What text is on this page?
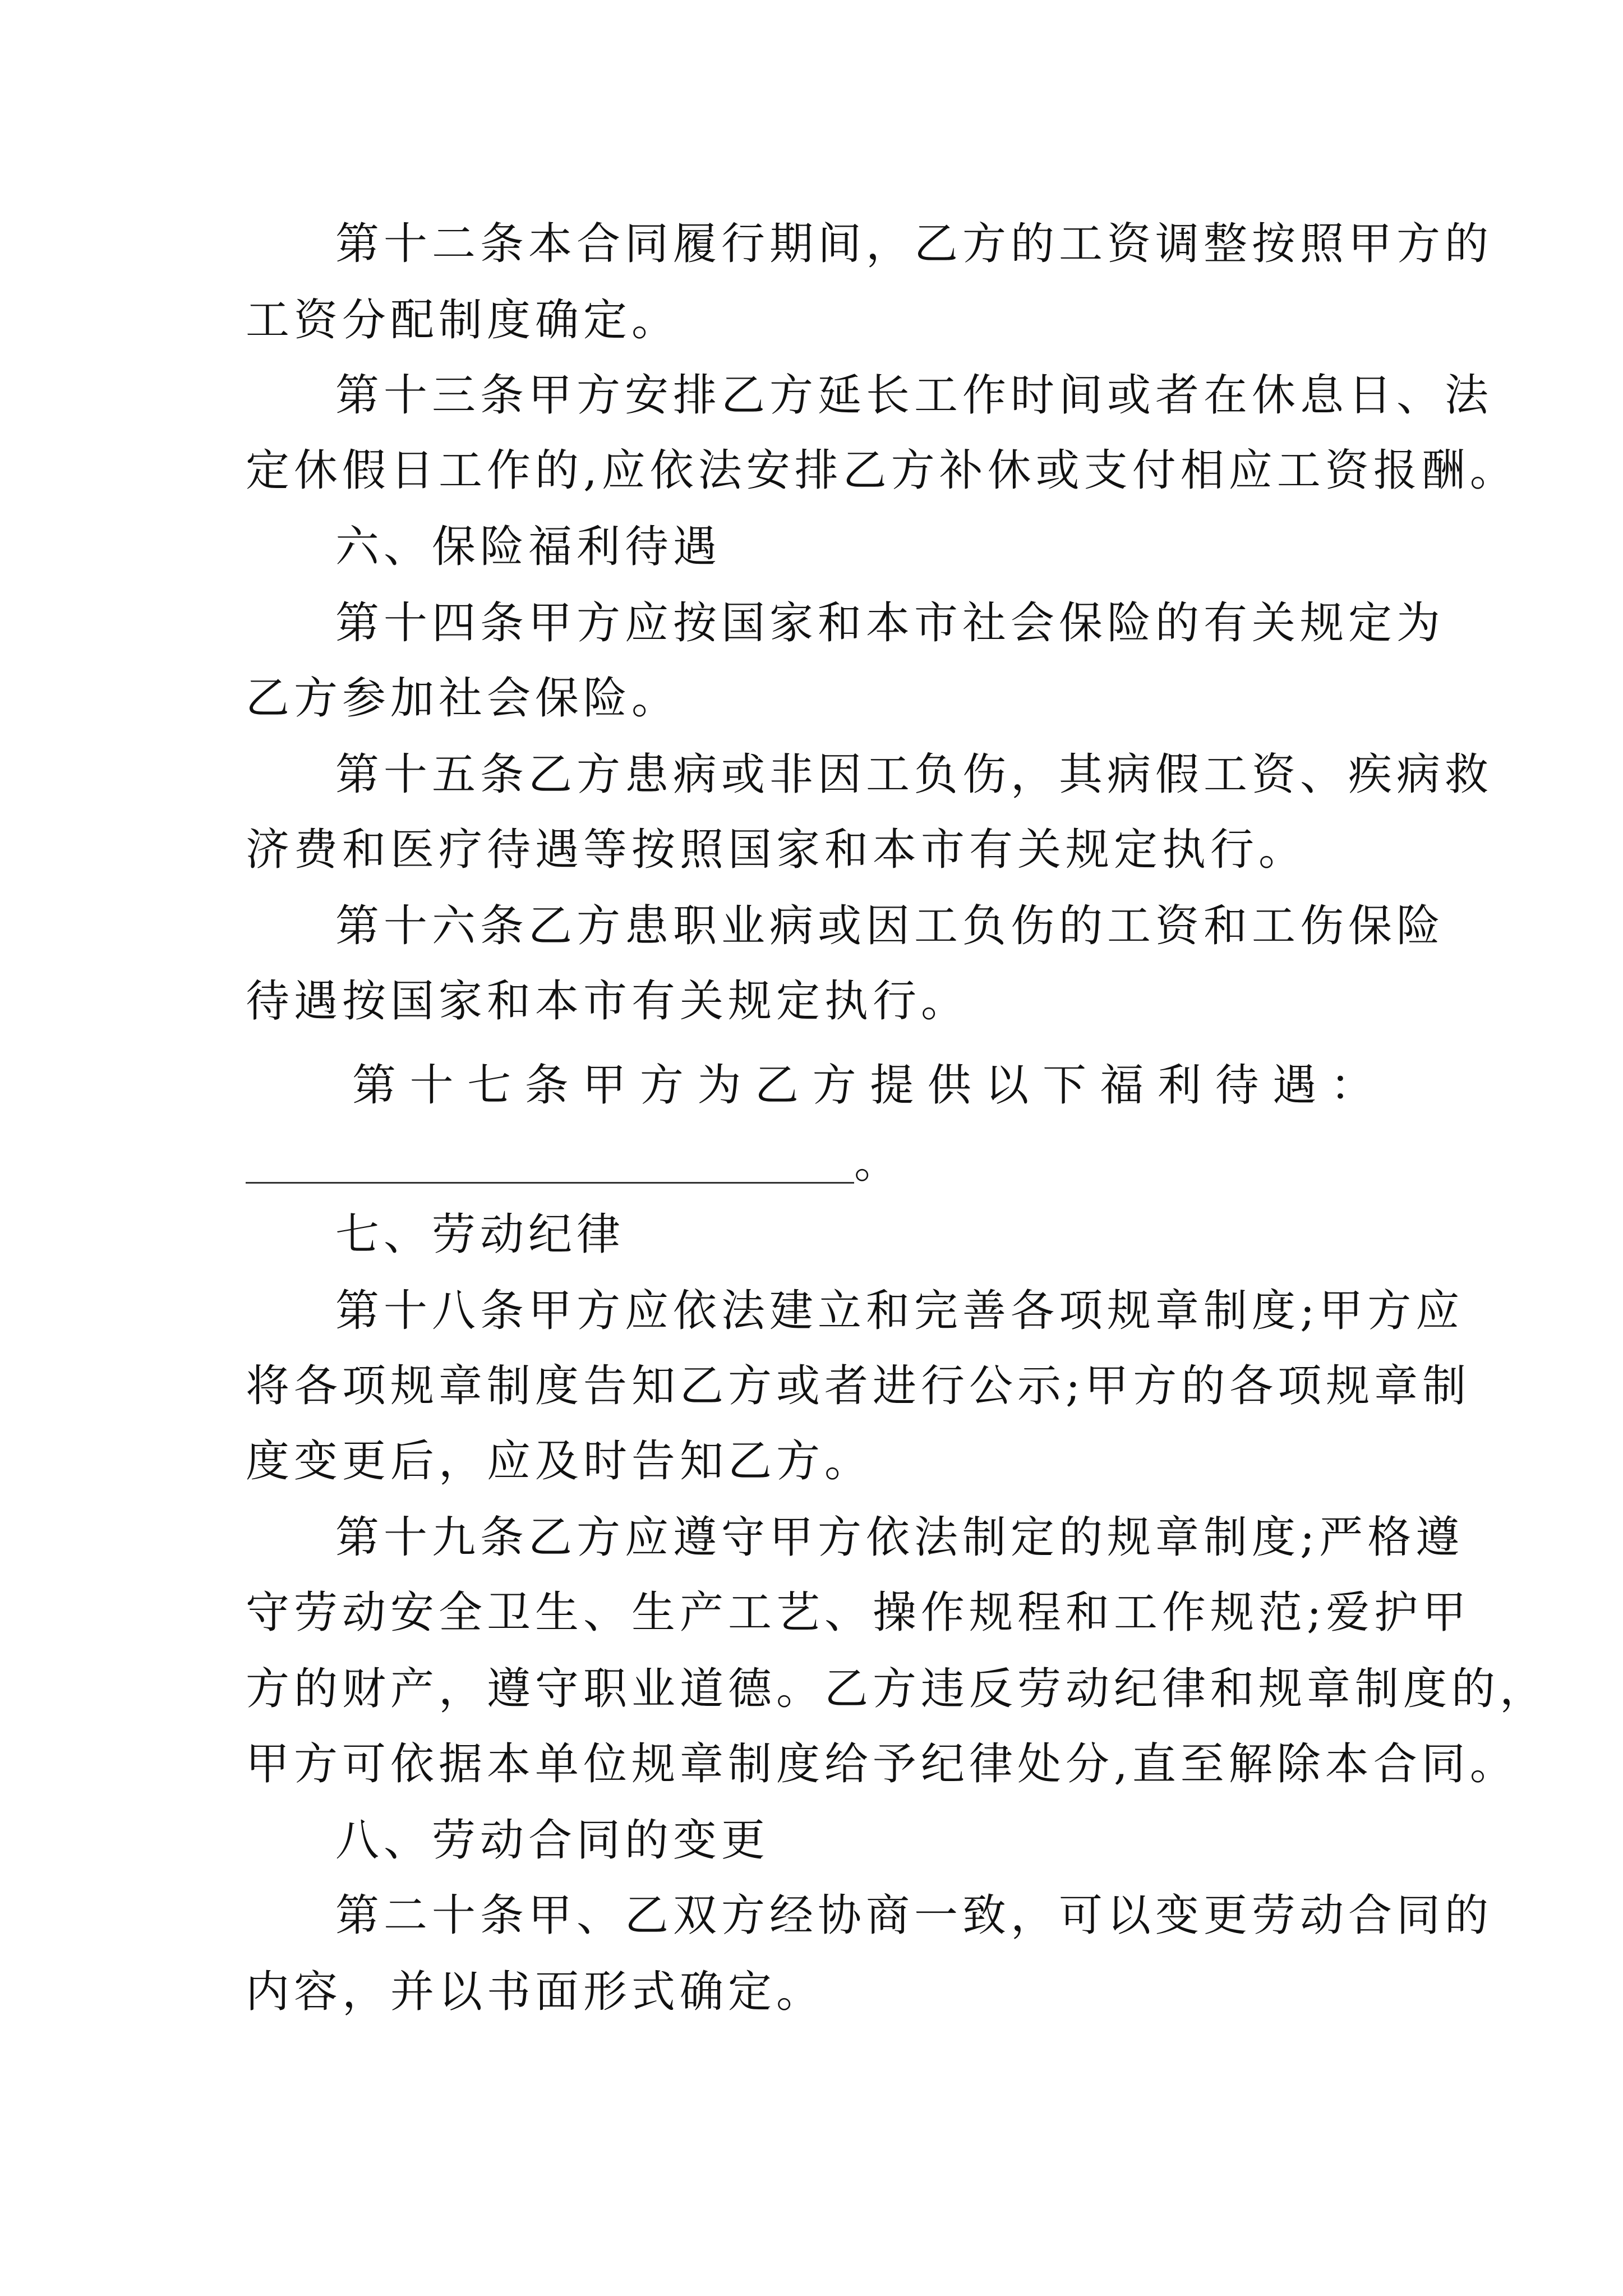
第十二条本合同履行期间，乙方的工资调整按照甲方的
工资分配制度确定。
第十三条甲方安排乙方延长工作时间或者在休息日、法
定休假日工作的,应依法安排乙方补休或支付相应工资报酬。
六、保险福利待遇
第十四条甲方应按国家和本市社会保险的有关规定为
乙方参加社会保险。
第十五条乙方患病或非因工负伤，其病假工资、疾病救
济费和医疗待遇等按照国家和本市有关规定执行。
第十六条乙方患职业病或因工负伤的工资和工伤保险
待遇按国家和本市有关规定执行。
第 十 七 条 甲 方 为 乙 方 提 供 以 下 福 利 待 遇 ：
。
七、劳动纪律
第十八条甲方应依法建立和完善各项规章制度;甲方应
将各项规章制度告知乙方或者进行公示;甲方的各项规章制
度变更后，应及时告知乙方。
第十九条乙方应遵守甲方依法制定的规章制度;严格遵
守劳动安全卫生、生产工艺、操作规程和工作规范;爱护甲
方的财产，遵守职业道德。乙方违反劳动纪律和规章制度的，
甲方可依据本单位规章制度给予纪律处分,直至解除本合同。
八、劳动合同的变更
第二十条甲、乙双方经协商一致，可以变更劳动合同的
内容，并以书面形式确定。
